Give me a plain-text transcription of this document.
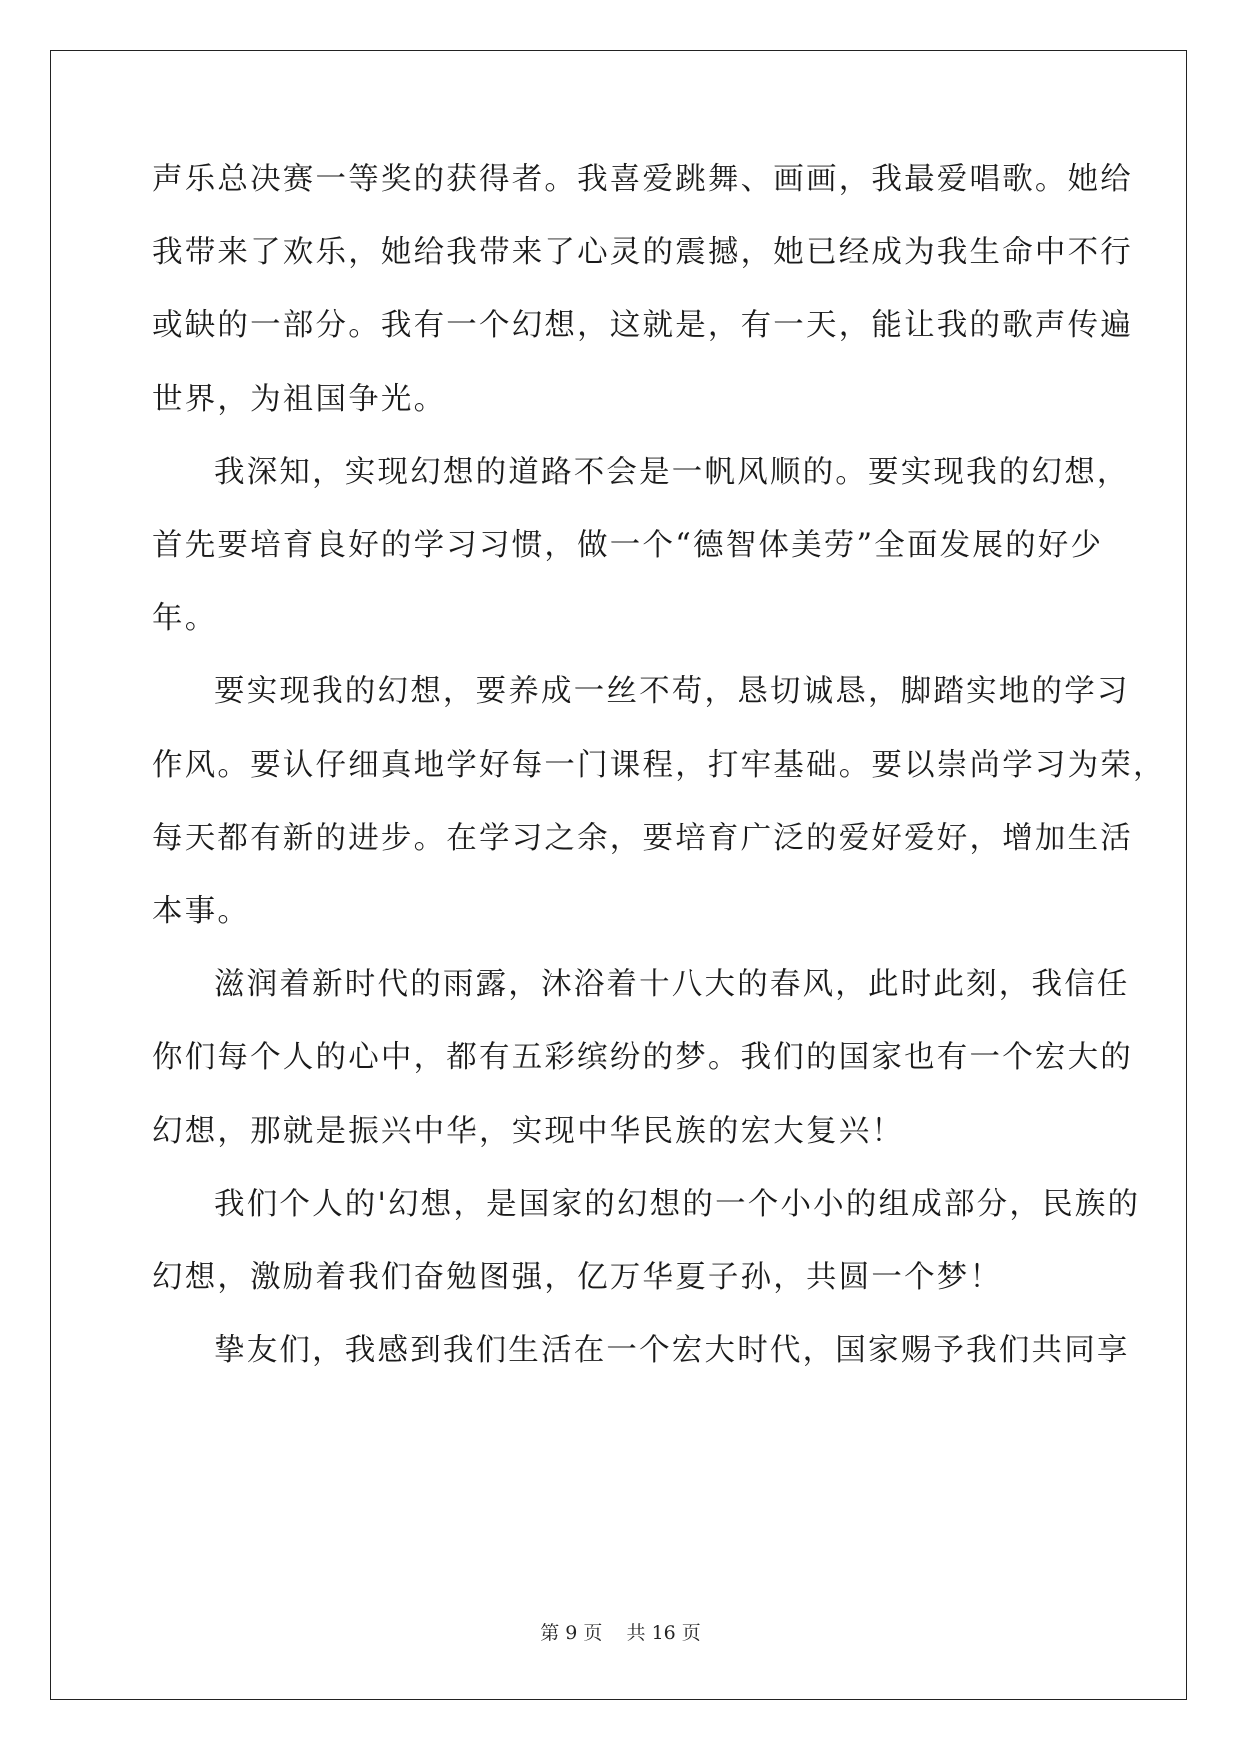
声乐总决赛一等奖的获得者。我喜爱跳舞、画画，我最爱唱歌。她给
我带来了欢乐，她给我带来了心灵的震撼，她已经成为我生命中不行
或缺的一部分。我有一个幻想，这就是，有一天，能让我的歌声传遍
世界，为祖国争光。
我深知，实现幻想的道路不会是一帆风顺的。要实现我的幻想，
首先要培育良好的学习习惯，做一个“德智体美劳”全面发展的好少
年。
要实现我的幻想，要养成一丝不苟，恳切诚恳，脚踏实地的学习
作风。要认仔细真地学好每一门课程，打牢基础。要以崇尚学习为荣，
每天都有新的进步。在学习之余，要培育广泛的爱好爱好，增加生活
本事。
滋润着新时代的雨露，沐浴着十八大的春风，此时此刻，我信任
你们每个人的心中，都有五彩缤纷的梦。我们的国家也有一个宏大的
幻想，那就是振兴中华，实现中华民族的宏大复兴！
我们个人的'幻想，是国家的幻想的一个小小的组成部分，民族的
幻想，激励着我们奋勉图强，亿万华夏子孙，共圆一个梦！
挚友们，我感到我们生活在一个宏大时代，国家赐予我们共同享
第 9 页    共 16 页
